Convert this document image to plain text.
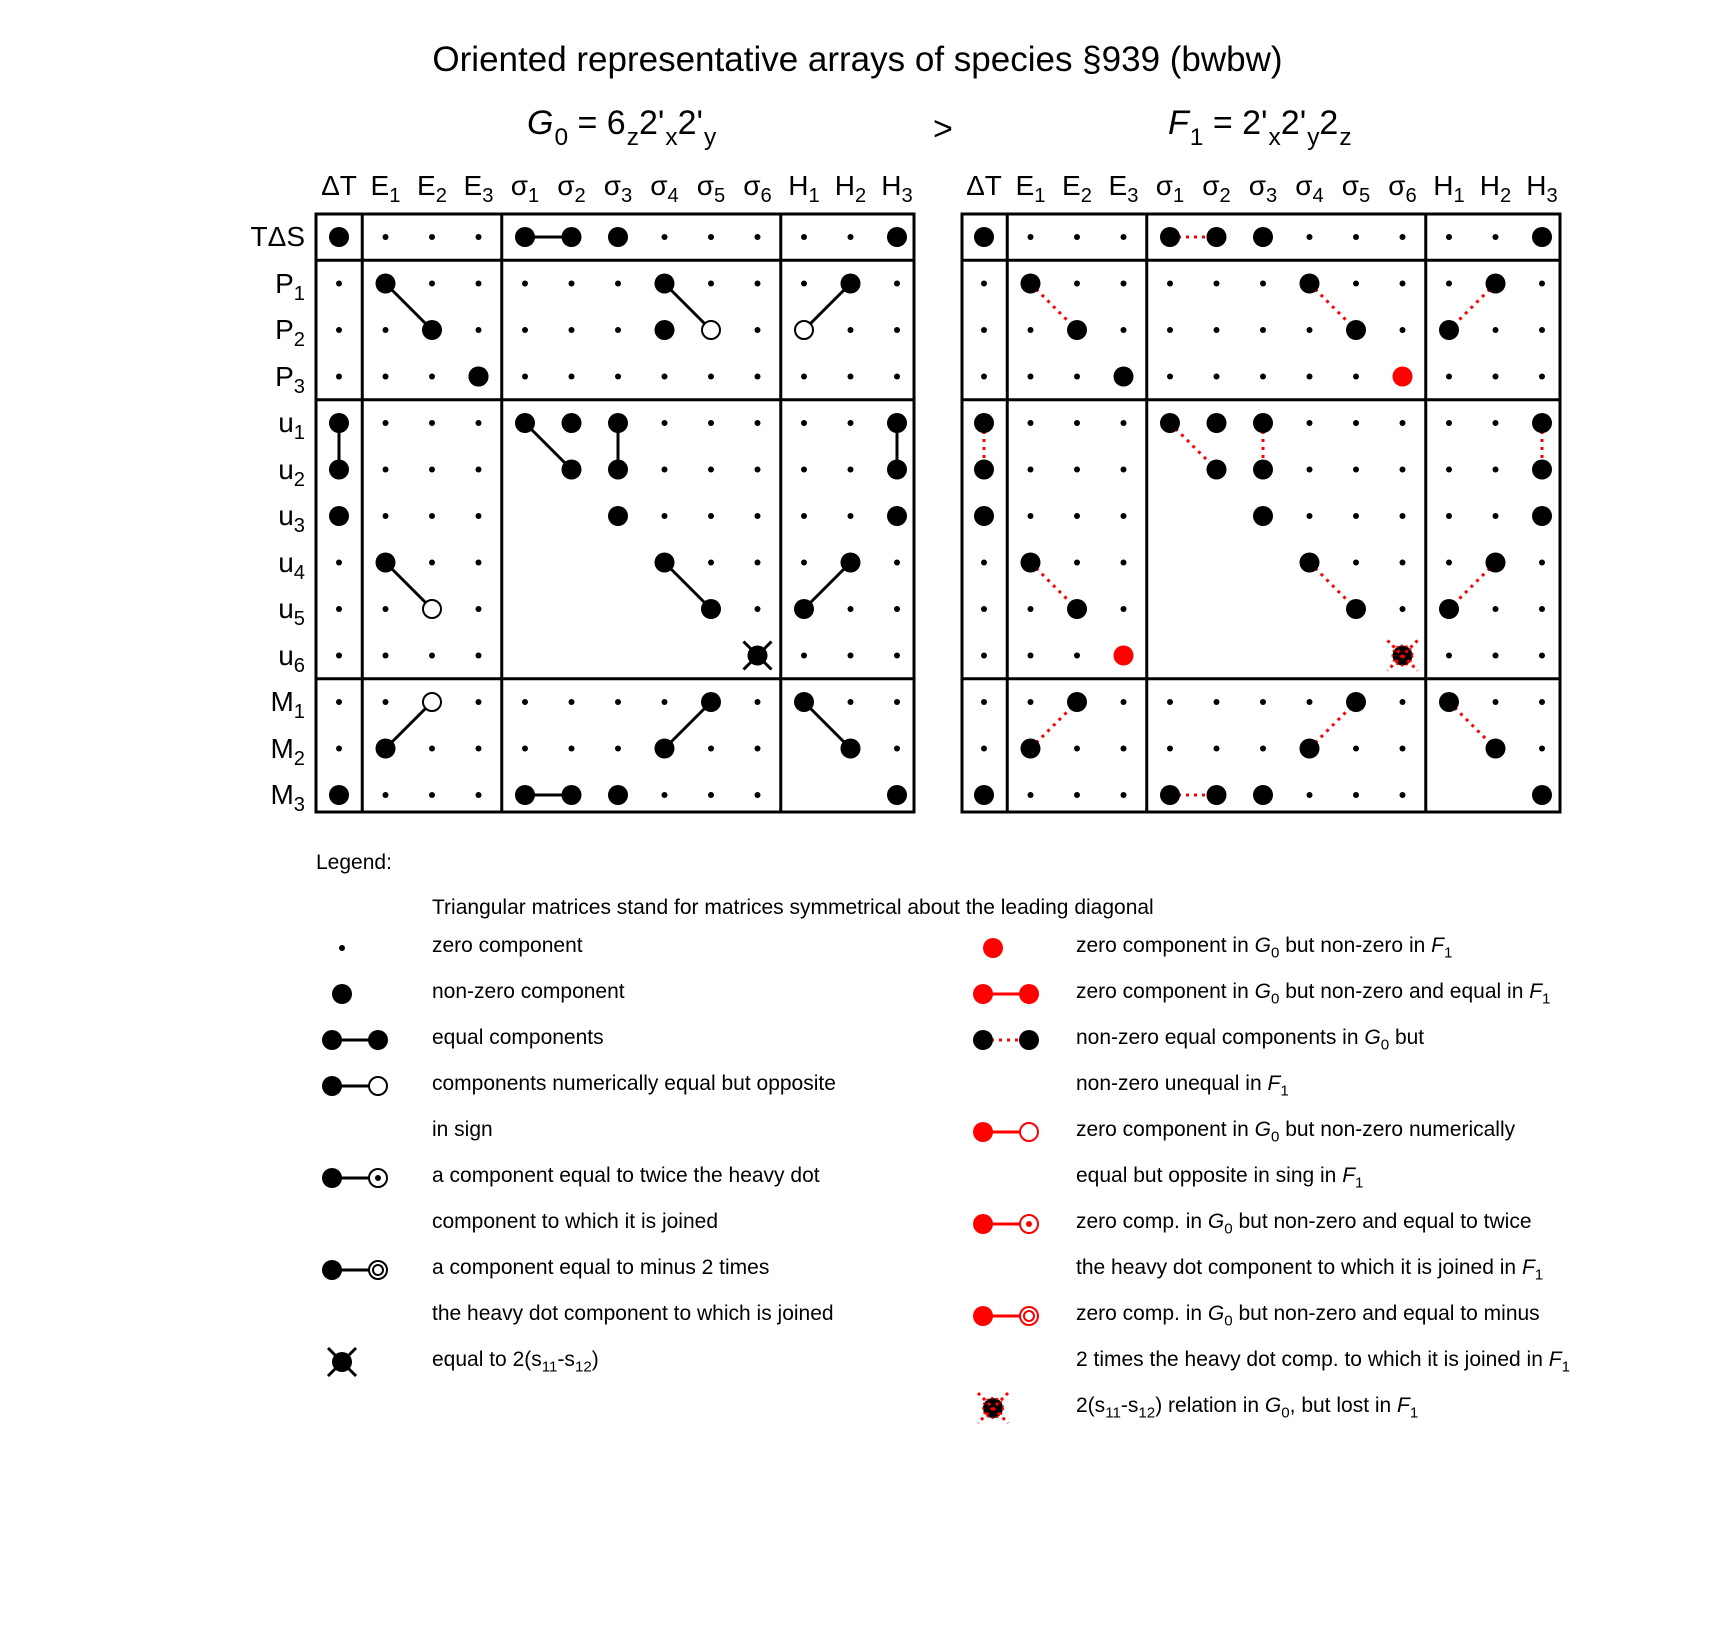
Oriented representative arrays of species §939 (bwbw)
$G_0 = 6_z2'_x2'_y$	>	$F_1 = 2'_x2'_y2_z$
ΔT $E_1$ $E_2$ $E_3$ $\sigma_1$ $\sigma_2$ $\sigma_3$ $\sigma_4$ $\sigma_5$ $\sigma_6$ $H_1$ $H_2$ $H_3$ ΔT $E_1$ $E_2$ $E_3$ $\sigma_1$ $\sigma_2$ $\sigma_3$ $\sigma_4$ $\sigma_5$ $\sigma_6$ $H_1$ $H_2$ $H_3$
TΔS
$P_1$
$P_2$
$P_3$
$u_1$
$u_2$
$u_3$
$u_4$
$u_5$
$u_6$
$M_1$
$M_2$
$M_3$
Legend:
Triangular matrices stand for matrices symmetrical about the leading diagonal
zero component
non-zero component
equal components
components numerically equal but opposite
in sign
a component equal to twice the heavy dot
component to which it is joined
a component equal to minus 2 times
the heavy dot component to which is joined
equal to $2(s_{11}-s_{12})$
zero component in $G_0$ but non-zero in $F_1$
zero component in $G_0$ but non-zero and equal in $F_1$
non-zero equal components in $G_0$ but
non-zero unequal in $F_1$
zero component in $G_0$ but non-zero numerically
equal but opposite in sing in $F_1$
zero comp. in $G_0$ but non-zero and equal to twice
the heavy dot component to which it is joined in $F_1$
zero comp. in $G_0$ but non-zero and equal to minus
2 times the heavy dot comp. to which it is joined in $F_1$
$2(s_{11}-s_{12})$ relation in $G_0$, but lost in $F_1$
